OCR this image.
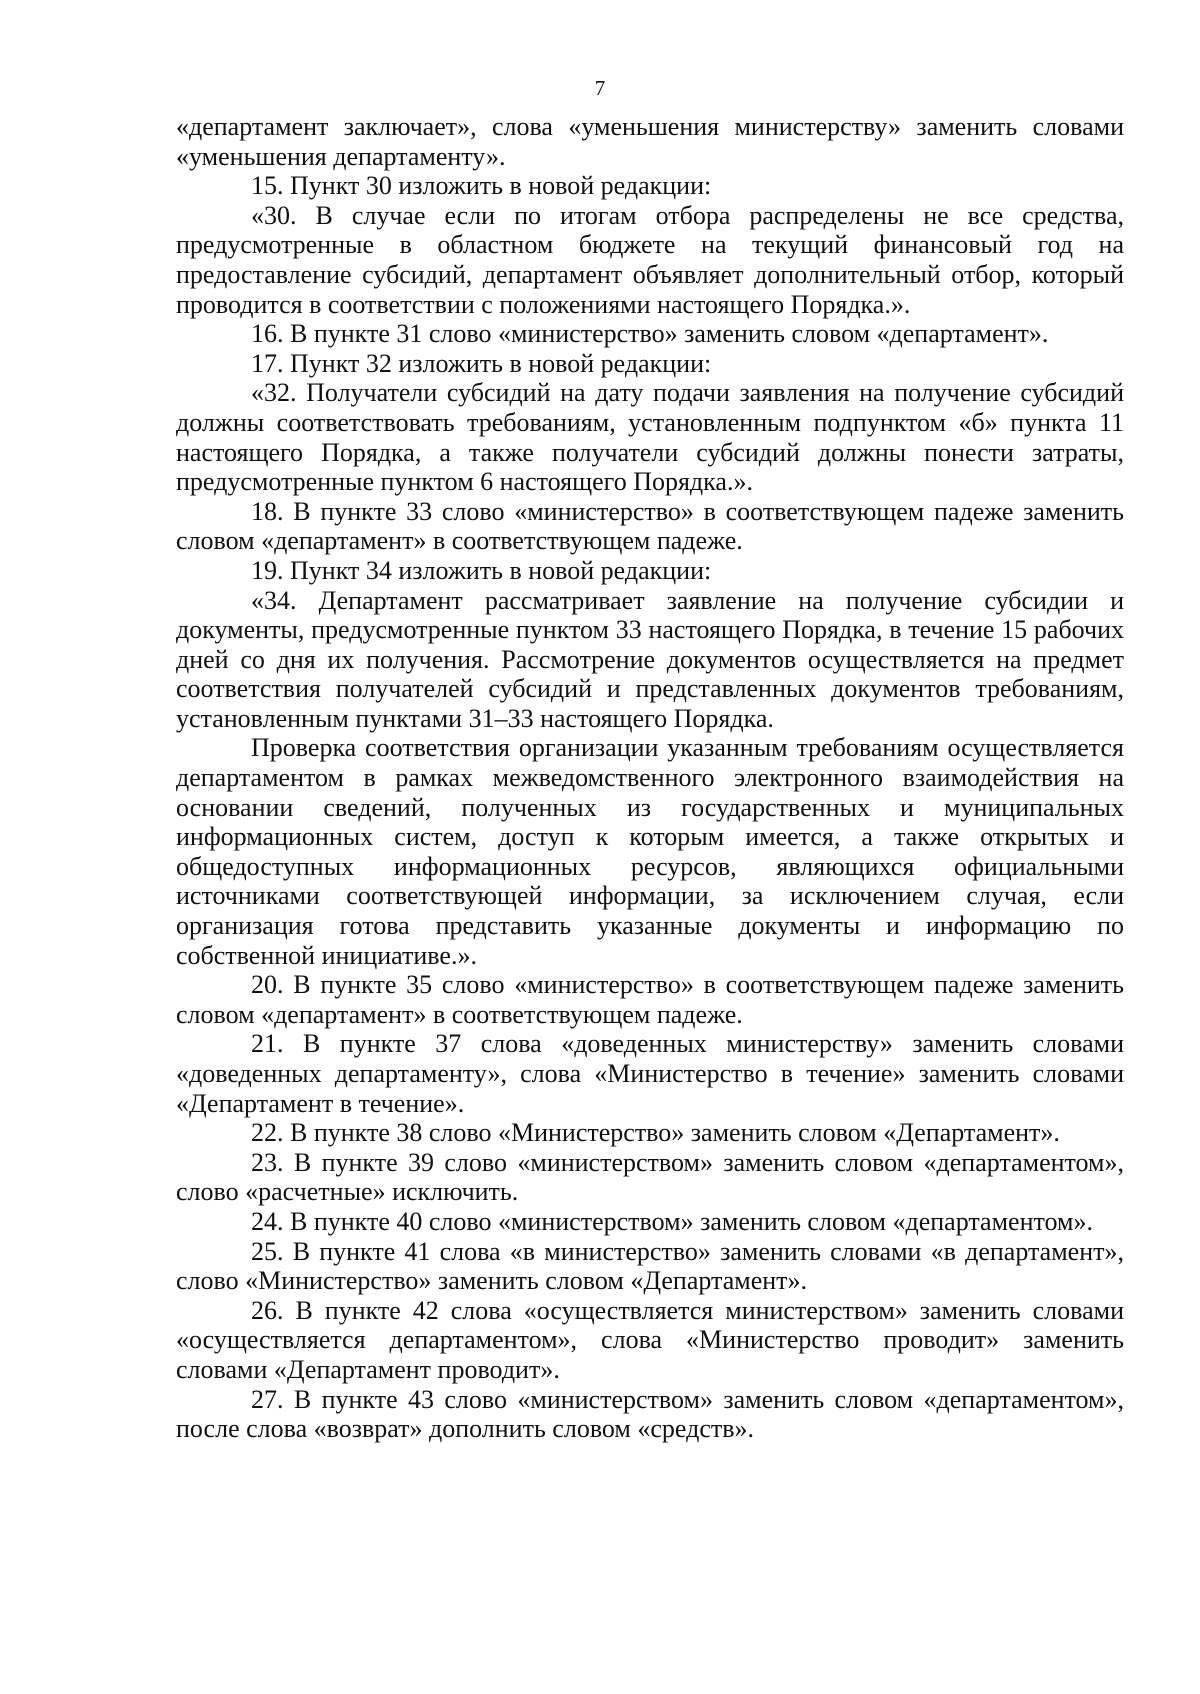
7

«департамент заключает», слова «уменьшения министерству» заменить словами «уменьшения департаменту».

15. Пункт 30 изложить в новой редакции:

«30. В случае если по итогам отбора распределены не все средства, предусмотренные в областном бюджете на текущий финансовый год на предоставление субсидий, департамент объявляет дополнительный отбор, который проводится в соответствии с положениями настоящего Порядка.».

16. В пункте 31 слово «министерство» заменить словом «департамент».

17. Пункт 32 изложить в новой редакции:

«32. Получатели субсидий на дату подачи заявления на получение субсидий должны соответствовать требованиям, установленным подпунктом «б» пункта 11 настоящего Порядка, а также получатели субсидий должны понести затраты, предусмотренные пунктом 6 настоящего Порядка.».

18. В пункте 33 слово «министерство» в соответствующем падеже заменить словом «департамент» в соответствующем падеже.

19. Пункт 34 изложить в новой редакции:

«34. Департамент рассматривает заявление на получение субсидии и документы, предусмотренные пунктом 33 настоящего Порядка, в течение 15 рабочих дней со дня их получения. Рассмотрение документов осуществляется на предмет соответствия получателей субсидий и представленных документов требованиям, установленным пунктами 31–33 настоящего Порядка.

Проверка соответствия организации указанным требованиям осуществляется департаментом в рамках межведомственного электронного взаимодействия на основании сведений, полученных из государственных и муниципальных информационных систем, доступ к которым имеется, а также открытых и общедоступных информационных ресурсов, являющихся официальными источниками соответствующей информации, за исключением случая, если организация готова представить указанные документы и информацию по собственной инициативе.».

20. В пункте 35 слово «министерство» в соответствующем падеже заменить словом «департамент» в соответствующем падеже.

21. В пункте 37 слова «доведенных министерству» заменить словами «доведенных департаменту», слова «Министерство в течение» заменить словами «Департамент в течение».

22. В пункте 38 слово «Министерство» заменить словом «Департамент».

23. В пункте 39 слово «министерством» заменить словом «департаментом», слово «расчетные» исключить.

24. В пункте 40 слово «министерством» заменить словом «департаментом».

25. В пункте 41 слова «в министерство» заменить словами «в департамент», слово «Министерство» заменить словом «Департамент».

26. В пункте 42 слова «осуществляется министерством» заменить словами «осуществляется департаментом», слова «Министерство проводит» заменить словами «Департамент проводит».

27. В пункте 43 слово «министерством» заменить словом «департаментом», после слова «возврат» дополнить словом «средств».
